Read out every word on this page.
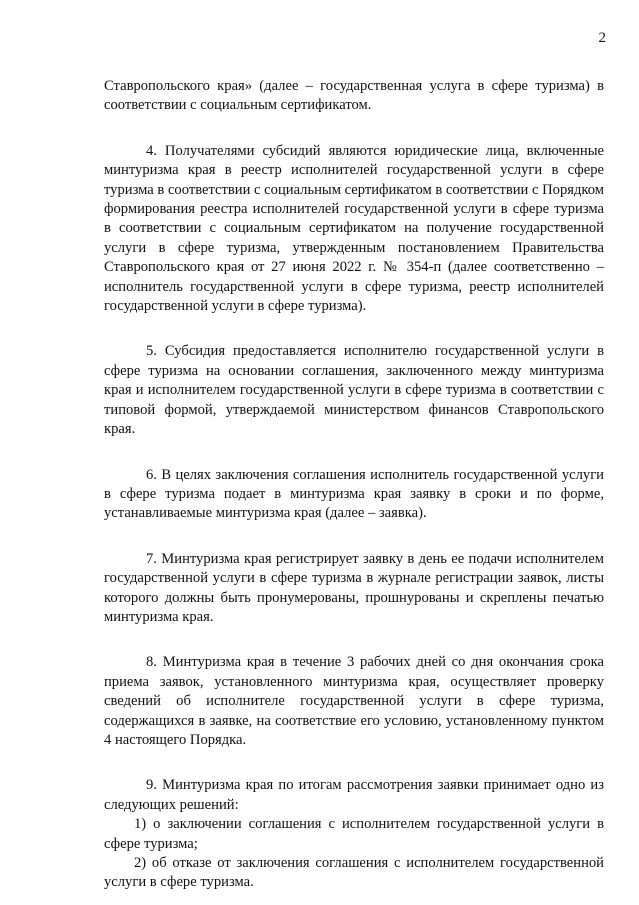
2

Ставропольского края» (далее – государственная услуга в сфере туризма) в соответствии с социальным сертификатом.

4. Получателями субсидий являются юридические лица, включенные минтуризма края в реестр исполнителей государственной услуги в сфере туризма в соответствии с социальным сертификатом в соответствии с Порядком формирования реестра исполнителей государственной услуги в сфере туризма в соответствии с социальным сертификатом на получение государственной услуги в сфере туризма, утвержденным постановлением Правительства Ставропольского края от 27 июня 2022 г. № 354-п (далее соответственно – исполнитель государственной услуги в сфере туризма, реестр исполнителей государственной услуги в сфере туризма).

5. Субсидия предоставляется исполнителю государственной услуги в сфере туризма на основании соглашения, заключенного между минтуризма края и исполнителем государственной услуги в сфере туризма в соответствии с типовой формой, утверждаемой министерством финансов Ставропольского края.

6. В целях заключения соглашения исполнитель государственной услуги в сфере туризма подает в минтуризма края заявку в сроки и по форме, устанавливаемые минтуризма края (далее – заявка).

7. Минтуризма края регистрирует заявку в день ее подачи исполнителем государственной услуги в сфере туризма в журнале регистрации заявок, листы которого должны быть пронумерованы, прошнурованы и скреплены печатью минтуризма края.

8. Минтуризма края в течение 3 рабочих дней со дня окончания срока приема заявок, установленного минтуризма края, осуществляет проверку сведений об исполнителе государственной услуги в сфере туризма, содержащихся в заявке, на соответствие его условию, установленному пунктом 4 настоящего Порядка.

9. Минтуризма края по итогам рассмотрения заявки принимает одно из следующих решений:

1) о заключении соглашения с исполнителем государственной услуги в сфере туризма;

2) об отказе от заключения соглашения с исполнителем государственной услуги в сфере туризма.
